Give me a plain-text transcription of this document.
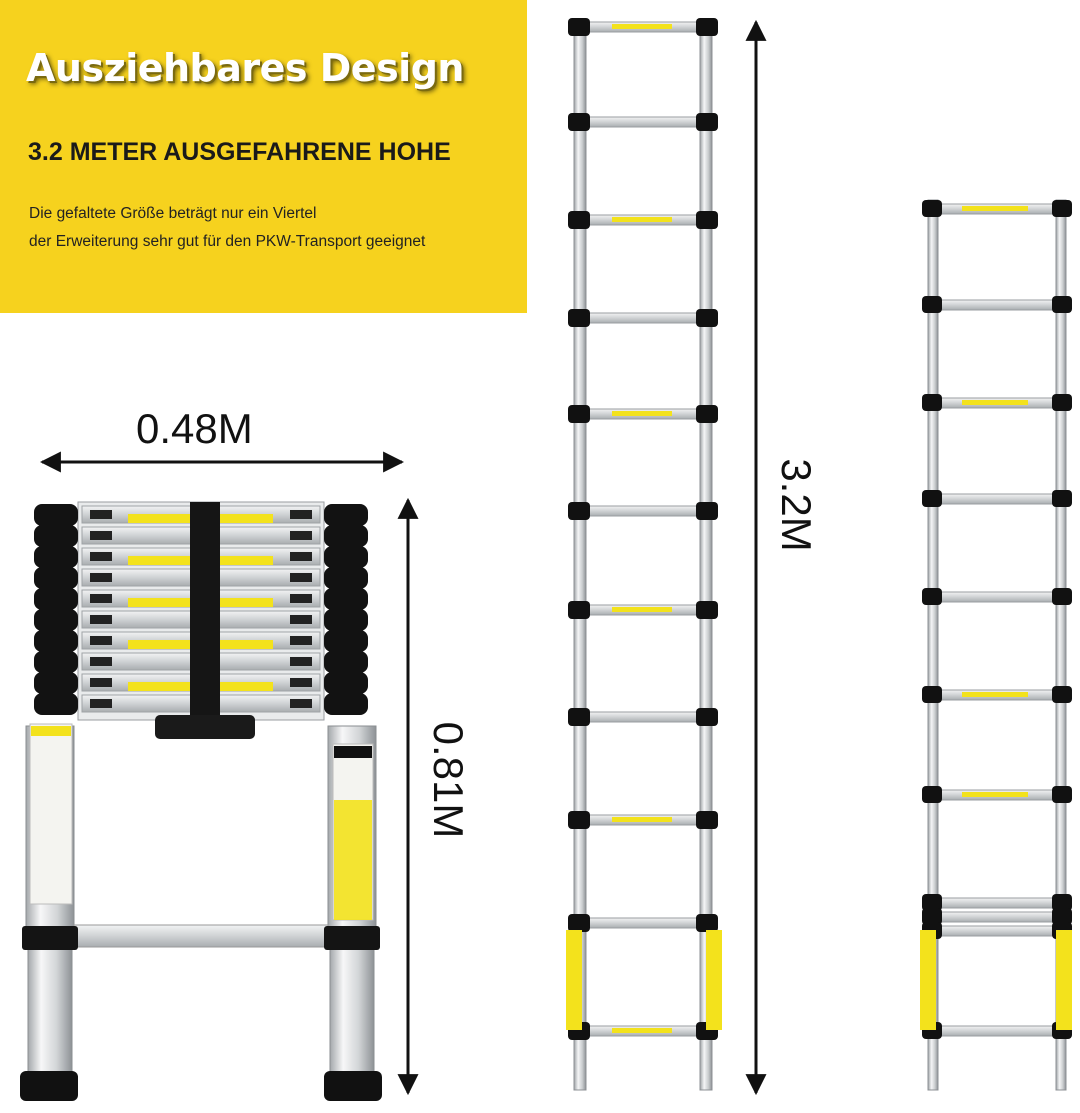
Ausziehbares Design
3.2 METER AUSGEFAHRENE HOHE
Die gefaltete Größe beträgt nur ein Viertel
der Erweiterung sehr gut für den PKW-Transport geeignet
0.48M
0.81M
3.2M
